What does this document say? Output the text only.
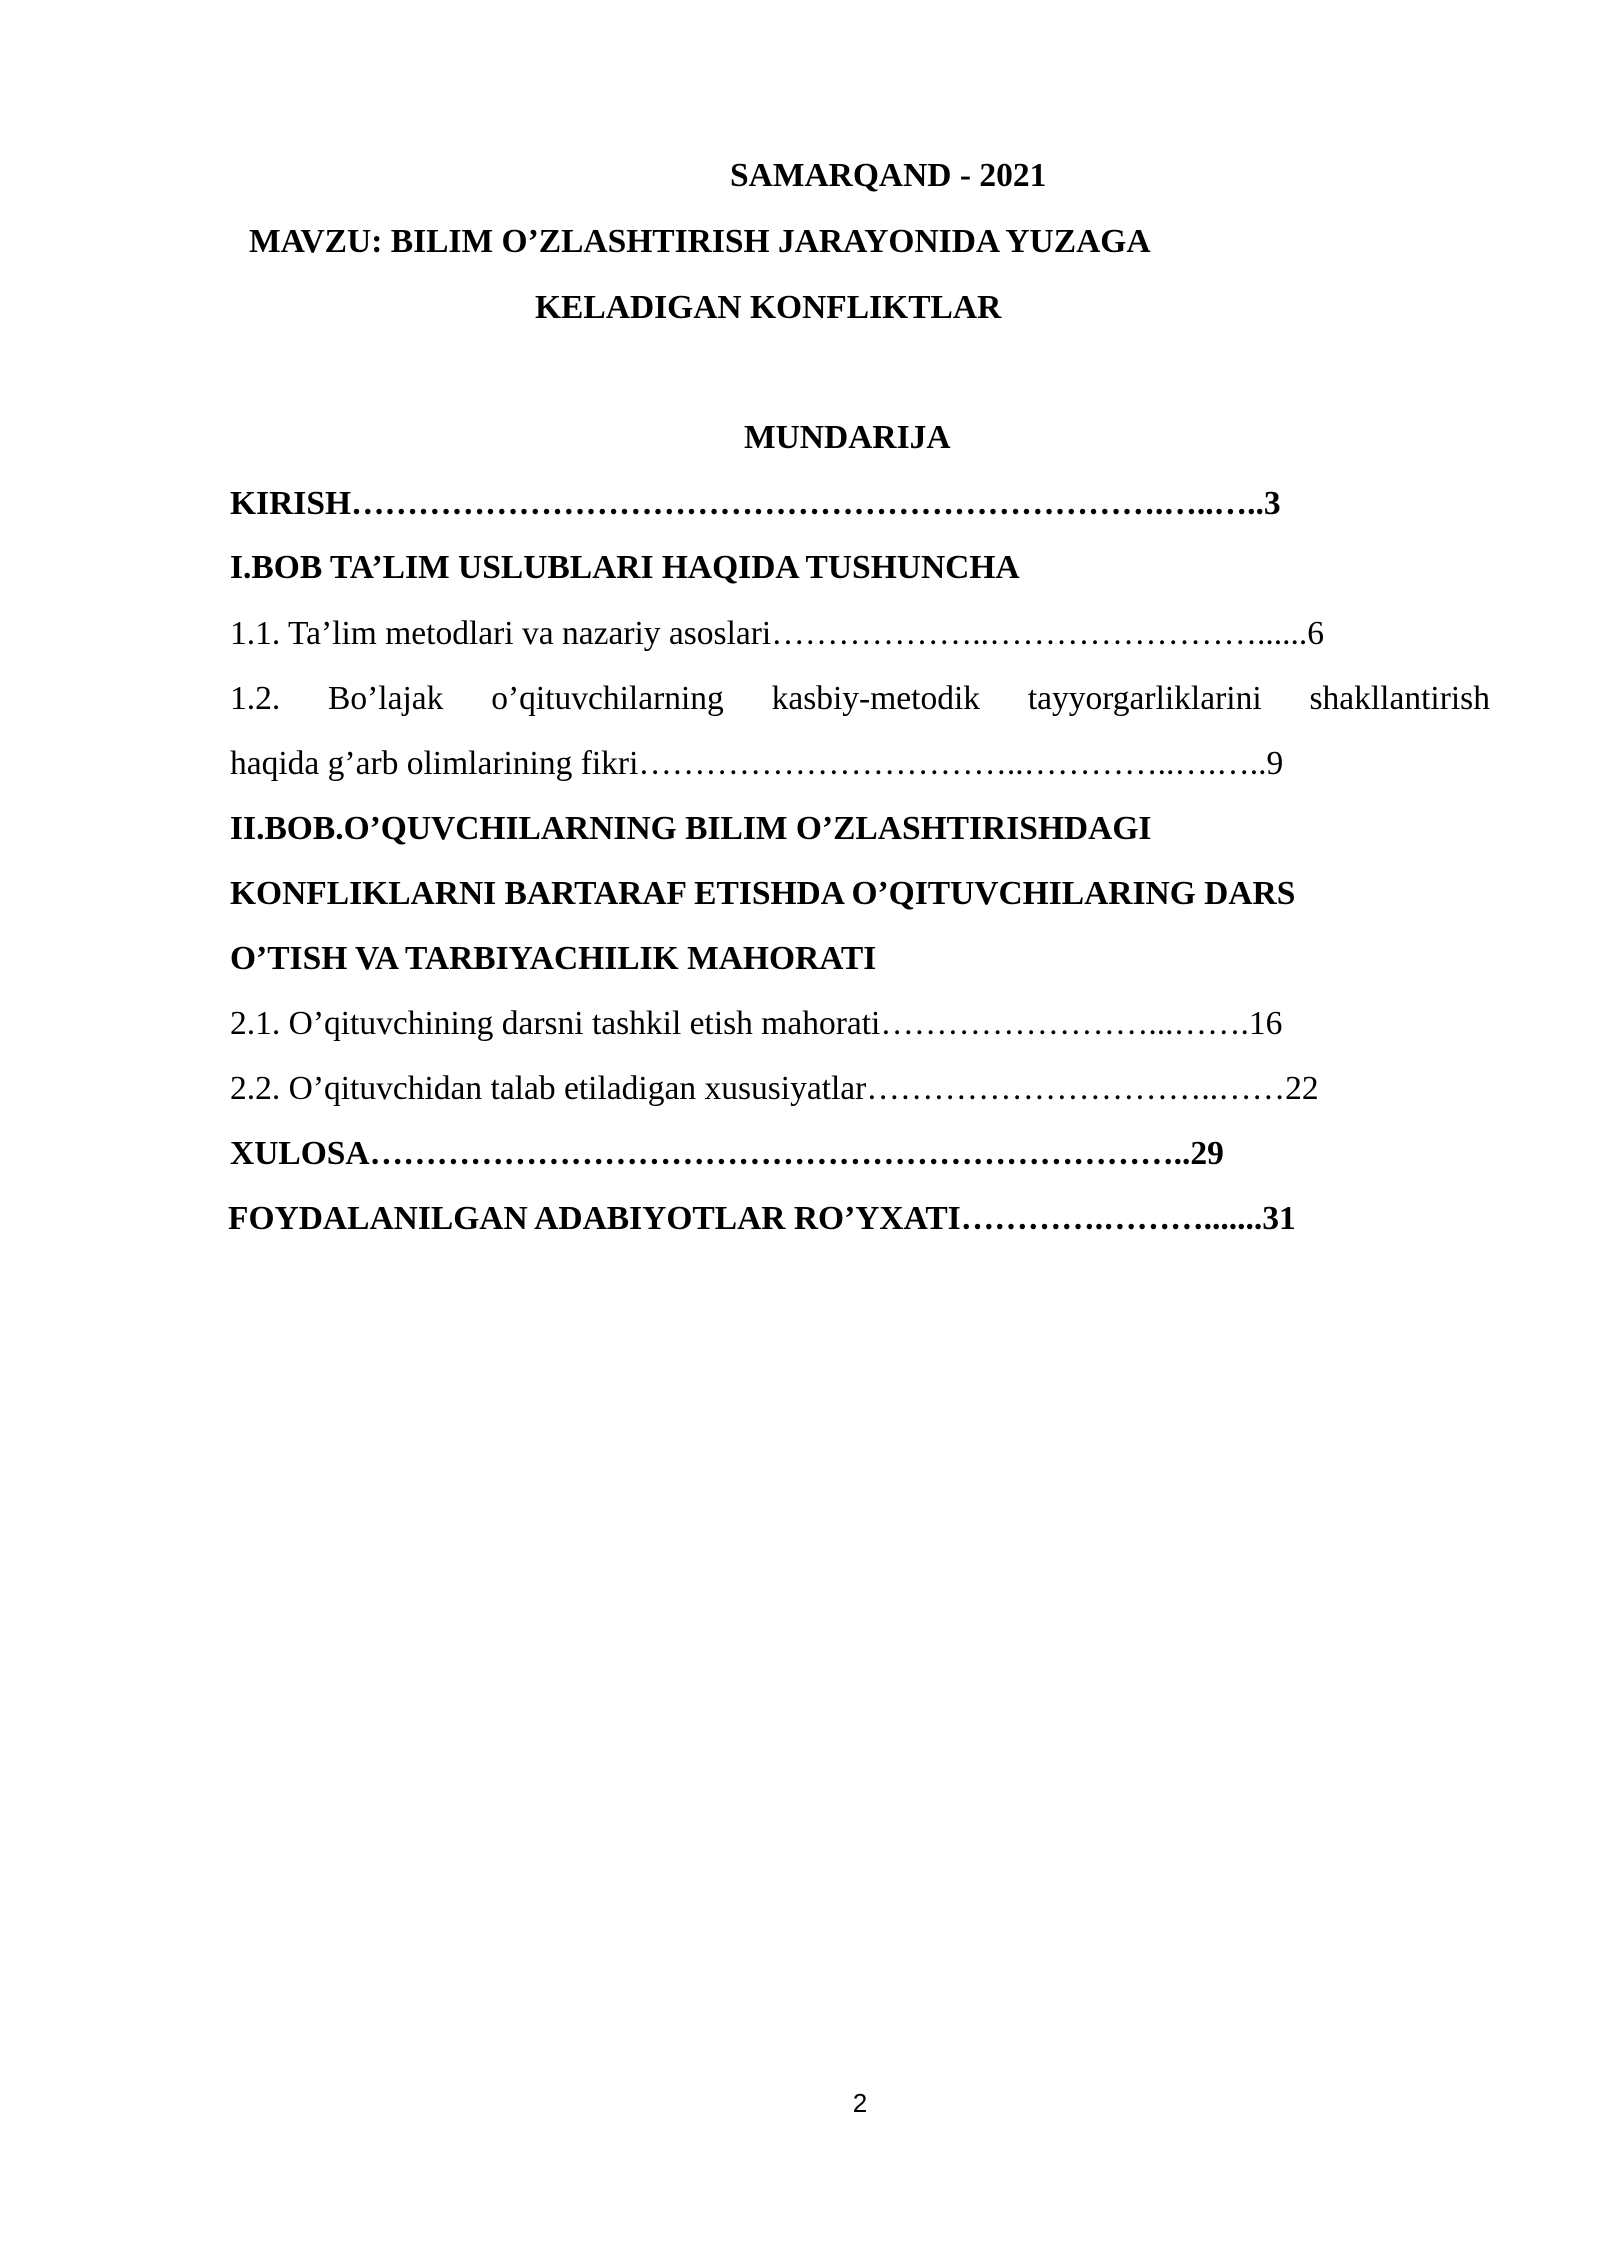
SAMARQAND - 2021
MAVZU: BILIM O’ZLASHTIRISH JARAYONIDA YUZAGA
KELADIGAN KONFLIKTLAR
MUNDARIJA
KIRISH……………………………………………………………….…..…..3
I.BOB TA’LIM USLUBLARI HAQIDA TUSHUNCHA
1.1. Ta’lim metodlari va nazariy asoslari………………..……………………......6
1.2. Bo’lajak o’qituvchilarning kasbiy-metodik tayyorgarliklarini shakllantirish
haqida g’arb olimlarining fikri……………………………..…………..….…..9
II.BOB.O’QUVCHILARNING BILIM O’ZLASHTIRISHDAGI
KONFLIKLARNI BARTARAF ETISHDA O’QITUVCHILARING DARS
O’TISH VA TARBIYACHILIK MAHORATI
2.1. O’qituvchining darsni tashkil etish mahorati……………………...…….16
2.2. O’qituvchidan talab etiladigan xususiyatlar…………………………..……22
XULOSA………………………………………………………………..29
FOYDALANILGAN ADABIYOTLAR RO’YXATI………….……….......31
2
